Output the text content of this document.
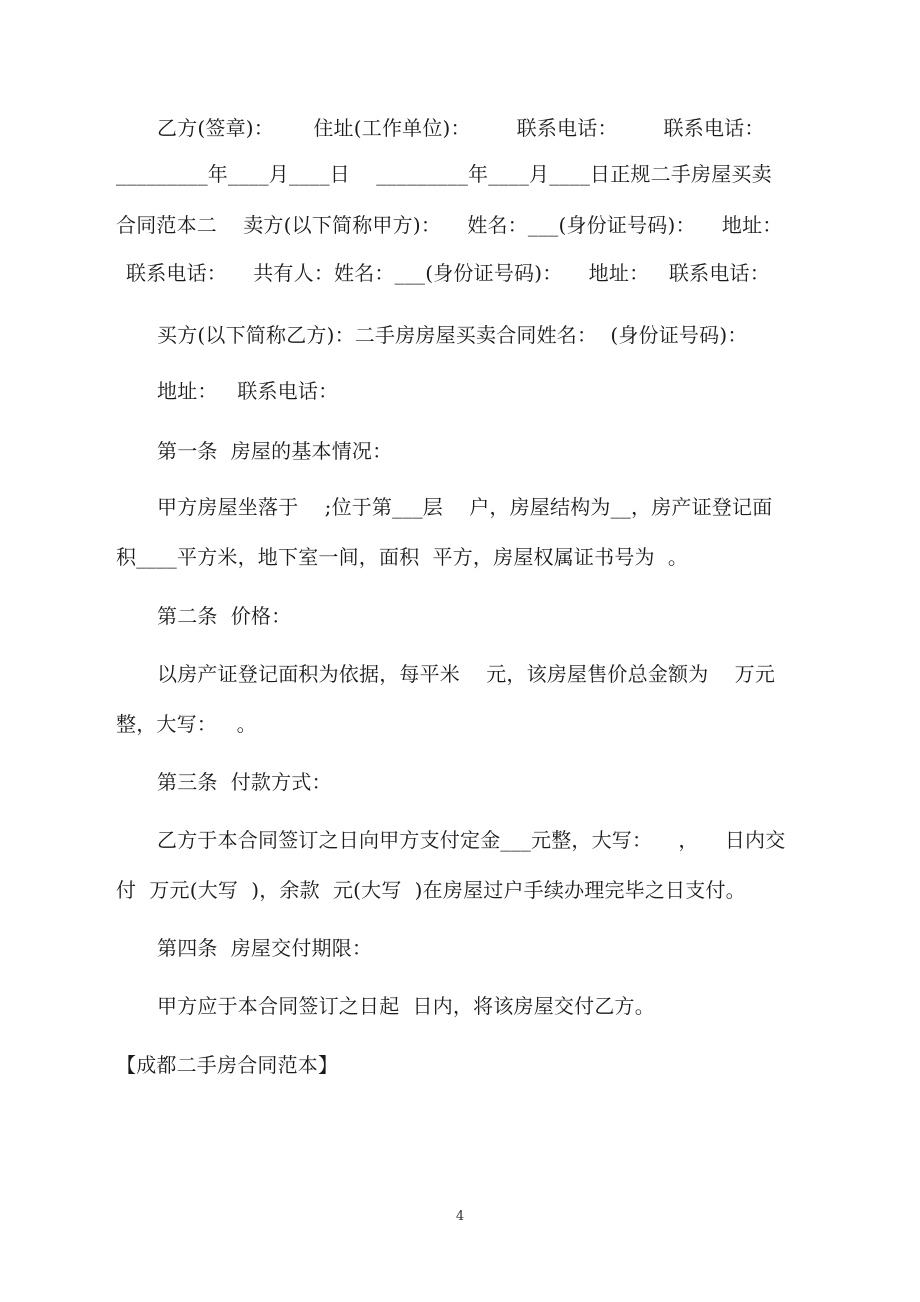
乙方(签章)：      住址(工作单位)：       联系电话：       联系电话：
_________年____月____日    _________年____月____日正规二手房屋买卖
合同范本二    卖方(以下简称甲方)：    姓名：___(身份证号码)：    地址：
联系电话：    共有人：姓名：___(身份证号码)：    地址：   联系电话：
买方(以下简称乙方)：二手房房屋买卖合同姓名：  (身份证号码)：
地址：   联系电话：
第一条  房屋的基本情况：
甲方房屋坐落于    ;位于第___层    户，房屋结构为__，房产证登记面
积____平方米，地下室一间，面积  平方，房屋权属证书号为  。
第二条  价格：
以房产证登记面积为依据，每平米    元，该房屋售价总金额为    万元
整，大写：   。
第三条  付款方式：
乙方于本合同签订之日向甲方支付定金___元整，大写：    ，    日内交
付  万元(大写  )，余款  元(大写  )在房屋过户手续办理完毕之日支付。
第四条  房屋交付期限：
甲方应于本合同签订之日起  日内，将该房屋交付乙方。
【成都二手房合同范本】
4
